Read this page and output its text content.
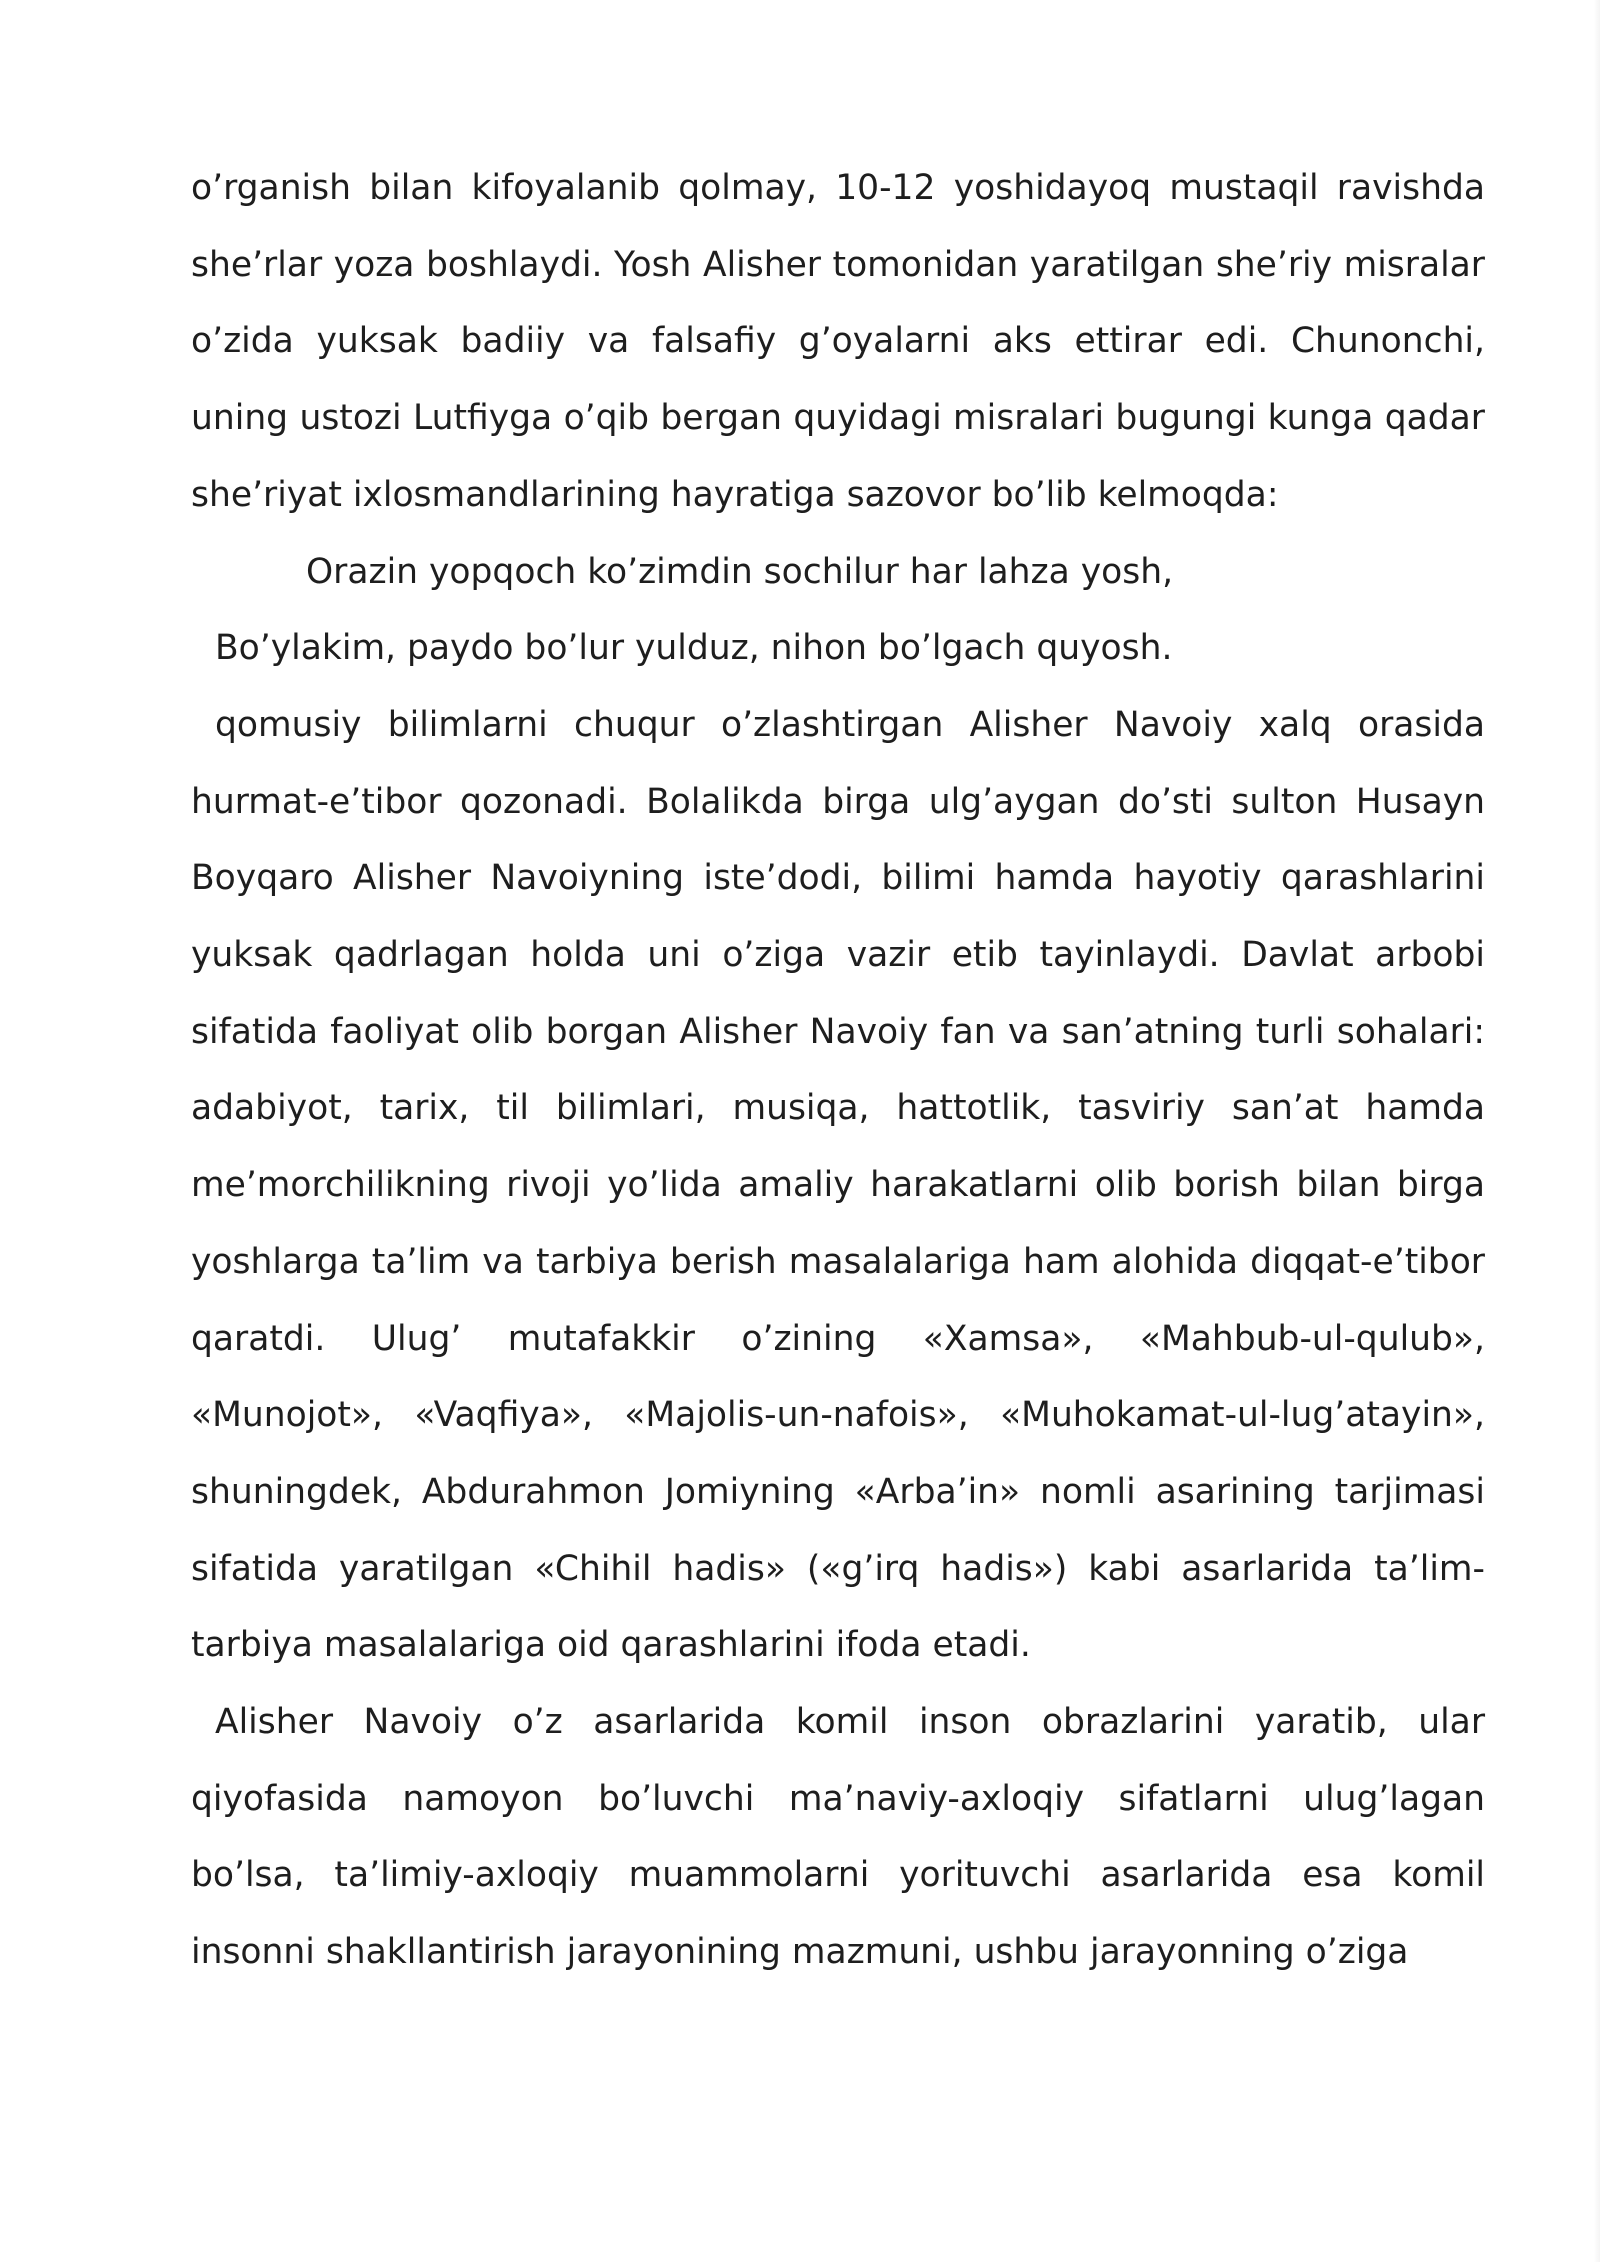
o’rganish bilan kifoyalanib qolmay, 10-12 yoshidayoq mustaqil ravishda she’rlar yoza boshlaydi. Yosh Alisher tomonidan yaratilgan she’riy misralar o’zida yuksak badiiy va falsafiy g’oyalarni aks ettirar edi. Chunonchi, uning ustozi Lutfiyga o’qib bergan quyidagi misralari bugungi kunga qadar she’riyat ixlosmandlarining hayratiga sazovor bo’lib kelmoqda:

Orazin yopqoch ko’zimdin sochilur har lahza yosh,

Bo’ylakim, paydo bo’lur yulduz, nihon bo’lgach quyosh.

qomusiy bilimlarni chuqur o’zlashtirgan Alisher Navoiy xalq orasida hurmat-e’tibor qozonadi. Bolalikda birga ulg’aygan do’sti sulton Husayn Boyqaro Alisher Navoiyning iste’dodi, bilimi hamda hayotiy qarashlarini yuksak qadrlagan holda uni o’ziga vazir etib tayinlaydi. Davlat arbobi sifatida faoliyat olib borgan Alisher Navoiy fan va san’atning turli sohalari: adabiyot, tarix, til bilimlari, musiqa, hattotlik, tasviriy san’at hamda me’morchilikning rivoji yo’lida amaliy harakatlarni olib borish bilan birga yoshlarga ta’lim va tarbiya berish masalalariga ham alohida diqqat-e’tibor qaratdi. Ulug’ mutafakkir o’zining «Xamsa», «Mahbub-ul-qulub», «Munojot», «Vaqfiya», «Majolis-un-nafois», «Muhokamat-ul-lug’atayin», shuningdek, Abdurahmon Jomiyning «Arba’in» nomli asarining tarjimasi sifatida yaratilgan «Chihil hadis» («g’irq hadis») kabi asarlarida ta’lim-tarbiya masalalariga oid qarashlarini ifoda etadi.

Alisher Navoiy o’z asarlarida komil inson obrazlarini yaratib, ular qiyofasida namoyon bo’luvchi ma’naviy-axloqiy sifatlarni ulug’lagan bo’lsa, ta’limiy-axloqiy muammolarni yorituvchi asarlarida esa komil insonni shakllantirish jarayonining mazmuni, ushbu jarayonning o’ziga
